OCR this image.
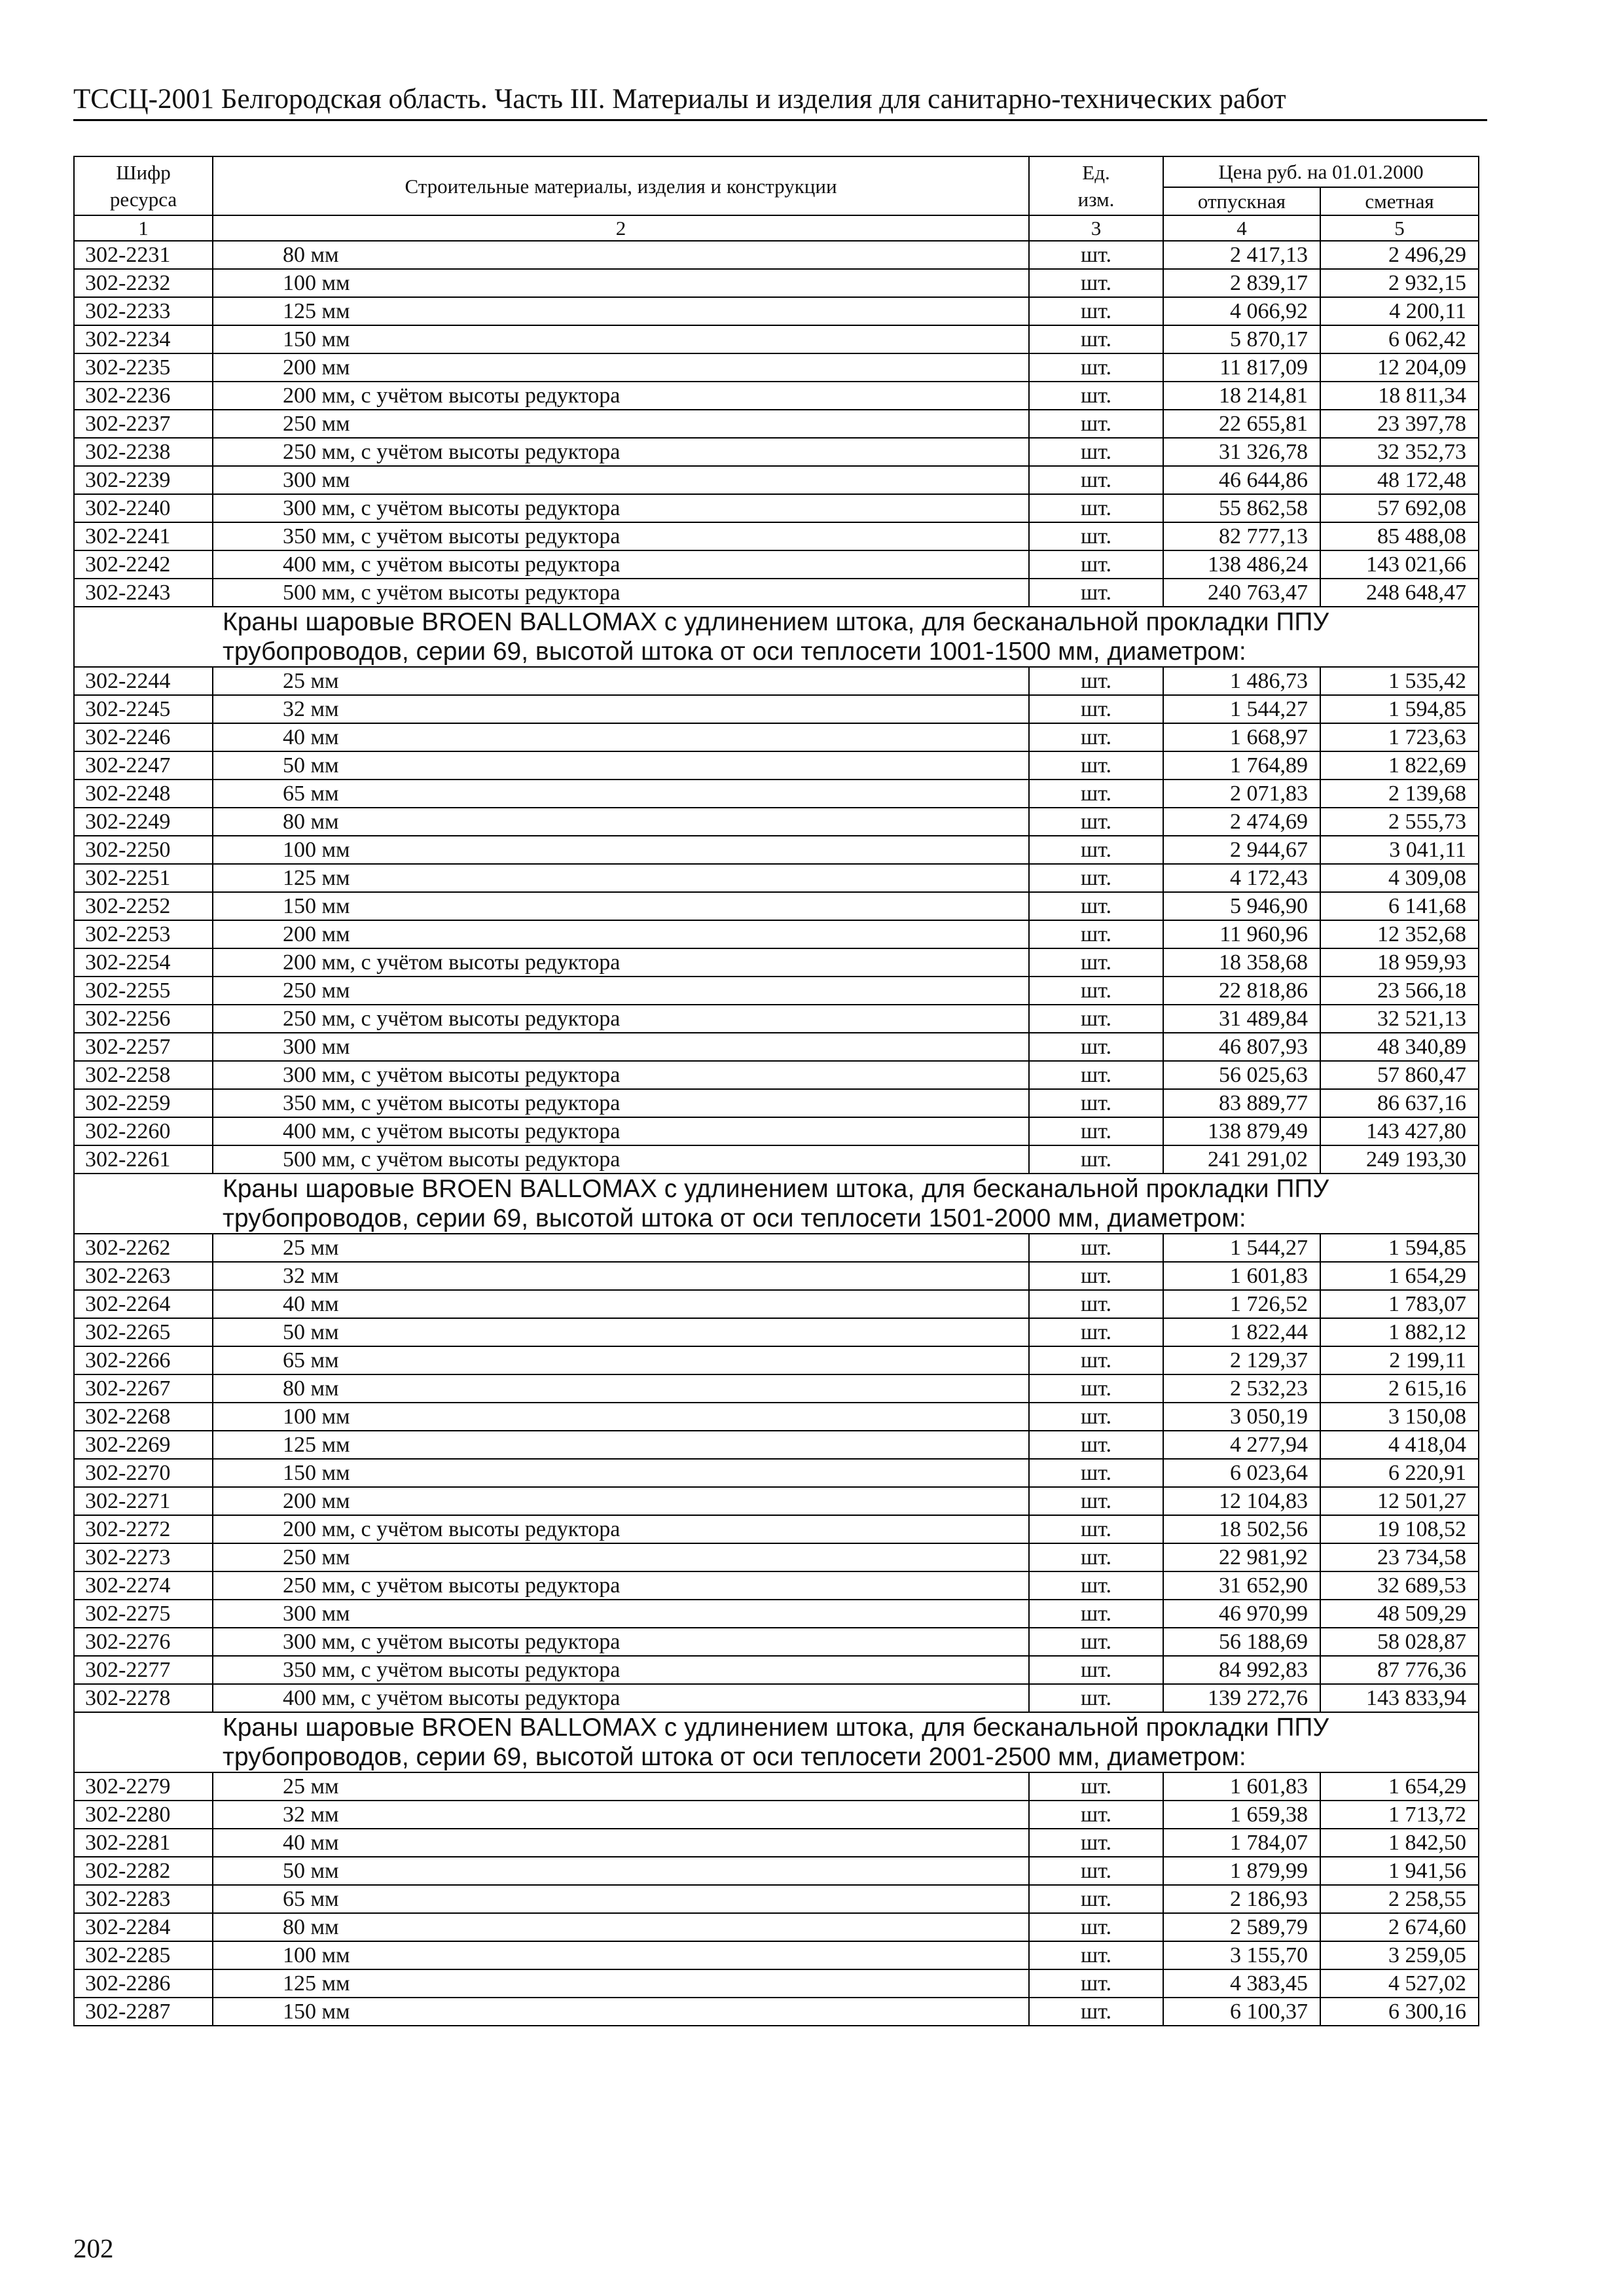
ТССЦ-2001 Белгородская область. Часть III. Материалы и изделия для санитарно-технических работ
Шифр ресурса	Строительные материалы, изделия и конструкции	Ед. изм.	Цена руб. на 01.01.2000	
			отпускная	сметная
1	2	3	4	5
302-2231	80 мм	шт.	2 417,13	2 496,29
302-2232	100 мм	шт.	2 839,17	2 932,15
302-2233	125 мм	шт.	4 066,92	4 200,11
302-2234	150 мм	шт.	5 870,17	6 062,42
302-2235	200 мм	шт.	11 817,09	12 204,09
302-2236	200 мм, с учётом высоты редуктора	шт.	18 214,81	18 811,34
302-2237	250 мм	шт.	22 655,81	23 397,78
302-2238	250 мм, с учётом высоты редуктора	шт.	31 326,78	32 352,73
302-2239	300 мм	шт.	46 644,86	48 172,48
302-2240	300 мм, с учётом высоты редуктора	шт.	55 862,58	57 692,08
302-2241	350 мм, с учётом высоты редуктора	шт.	82 777,13	85 488,08
302-2242	400 мм, с учётом высоты редуктора	шт.	138 486,24	143 021,66
302-2243	500 мм, с учётом высоты редуктора	шт.	240 763,47	248 648,47

Краны шаровые BROEN BALLOMAX с удлинением штока, для бесканальной прокладки ППУ
трубопроводов, серии 69, высотой штока от оси теплосети 1001-1500 мм, диаметром:				

302-2244	25 мм	шт.	1 486,73	1 535,42
302-2245	32 мм	шт.	1 544,27	1 594,85
302-2246	40 мм	шт.	1 668,97	1 723,63
302-2247	50 мм	шт.	1 764,89	1 822,69
302-2248	65 мм	шт.	2 071,83	2 139,68
302-2249	80 мм	шт.	2 474,69	2 555,73
302-2250	100 мм	шт.	2 944,67	3 041,11
302-2251	125 мм	шт.	4 172,43	4 309,08
302-2252	150 мм	шт.	5 946,90	6 141,68
302-2253	200 мм	шт.	11 960,96	12 352,68
302-2254	200 мм, с учётом высоты редуктора	шт.	18 358,68	18 959,93
302-2255	250 мм	шт.	22 818,86	23 566,18
302-2256	250 мм, с учётом высоты редуктора	шт.	31 489,84	32 521,13
302-2257	300 мм	шт.	46 807,93	48 340,89
302-2258	300 мм, с учётом высоты редуктора	шт.	56 025,63	57 860,47
302-2259	350 мм, с учётом высоты редуктора	шт.	83 889,77	86 637,16
302-2260	400 мм, с учётом высоты редуктора	шт.	138 879,49	143 427,80
302-2261	500 мм, с учётом высоты редуктора	шт.	241 291,02	249 193,30

Краны шаровые BROEN BALLOMAX с удлинением штока, для бесканальной прокладки ППУ
трубопроводов, серии 69, высотой штока от оси теплосети 1501-2000 мм, диаметром:				

302-2262	25 мм	шт.	1 544,27	1 594,85
302-2263	32 мм	шт.	1 601,83	1 654,29
302-2264	40 мм	шт.	1 726,52	1 783,07
302-2265	50 мм	шт.	1 822,44	1 882,12
302-2266	65 мм	шт.	2 129,37	2 199,11
302-2267	80 мм	шт.	2 532,23	2 615,16
302-2268	100 мм	шт.	3 050,19	3 150,08
302-2269	125 мм	шт.	4 277,94	4 418,04
302-2270	150 мм	шт.	6 023,64	6 220,91
302-2271	200 мм	шт.	12 104,83	12 501,27
302-2272	200 мм, с учётом высоты редуктора	шт.	18 502,56	19 108,52
302-2273	250 мм	шт.	22 981,92	23 734,58
302-2274	250 мм, с учётом высоты редуктора	шт.	31 652,90	32 689,53
302-2275	300 мм	шт.	46 970,99	48 509,29
302-2276	300 мм, с учётом высоты редуктора	шт.	56 188,69	58 028,87
302-2277	350 мм, с учётом высоты редуктора	шт.	84 992,83	87 776,36
302-2278	400 мм, с учётом высоты редуктора	шт.	139 272,76	143 833,94

Краны шаровые BROEN BALLOMAX с удлинением штока, для бесканальной прокладки ППУ
трубопроводов, серии 69, высотой штока от оси теплосети 2001-2500 мм, диаметром:				

302-2279	25 мм	шт.	1 601,83	1 654,29
302-2280	32 мм	шт.	1 659,38	1 713,72
302-2281	40 мм	шт.	1 784,07	1 842,50
302-2282	50 мм	шт.	1 879,99	1 941,56
302-2283	65 мм	шт.	2 186,93	2 258,55
302-2284	80 мм	шт.	2 589,79	2 674,60
302-2285	100 мм	шт.	3 155,70	3 259,05
302-2286	125 мм	шт.	4 383,45	4 527,02
302-2287	150 мм	шт.	6 100,37	6 300,16
202
